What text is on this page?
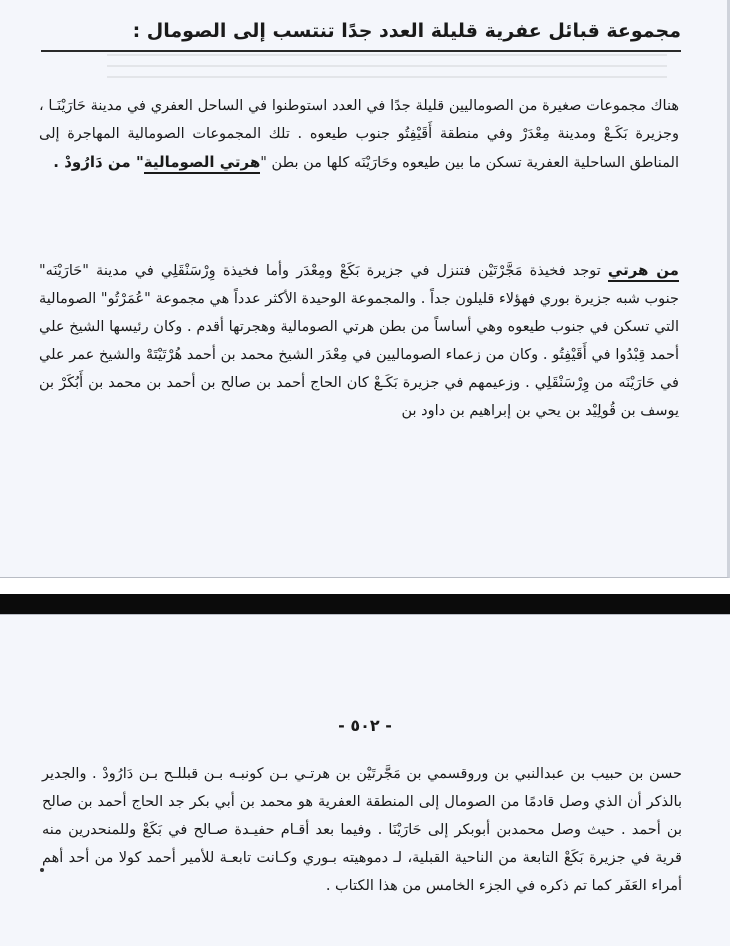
مجموعة قبائل عفرية قليلة العدد جدًا تنتسب إلى الصومال :

هناك مجموعات صغيرة من الصوماليين قليلة جدًا في العدد استوطنوا في الساحل العفري في مدينة حَارَيْنَـا ، وجزيرة بَكَـعْ ومدينة مِعْدَرْ وفي منطقة أَقَيْفِتُو جنوب طيعوه . تلك المجموعات الصومالية المهاجرة إلى المناطق الساحلية العفرية تسكن ما بين طيعوه وحَارَيْنَه كلها من بطن "هرتي الصومالية" من دَارُودْ .

من هرتي توجد فخيذة مَجَّرْتَيْن فتنزل في جزيرة بَكَعْ ومِعْدَر وأما فخيذة وِرْسَنْقَلِي في مدينة "حَارَيْنَه" جنوب شبه جزيرة بوري فهؤلاء قليلون جداً . والمجموعة الوحيدة الأكثر عدداً هي مجموعة "عُمَرْتُو" الصومالية التي تسكن في جنوب طيعوه وهي أساساً من بطن هرتي الصومالية وهجرتها أقدم . وكان رئيسها الشيخ علي أحمد قِبْدُوا في أَقَيْفِتُو . وكان من زعماء الصوماليين في مِعْدَر الشيخ محمد بن أحمد هُرْتَيْتَهْ والشيخ عمر علي في حَارَيْنَه من وِرْسَنْقَلِي . وزعيمهم في جزيرة بَكَـعْ كان الحاج أحمد بن صالح بن أحمد بن محمد بن أَبُكَرْ بن يوسف بن قُولِيْد بن يحي بن إبراهيم بن داود بن

- ٥٠٢ -

حسن بن حبيب بن عبدالنبي بن وروقسمي بن مَجَّرتَيْن بن هرتـي بـن كونبـه بـن قبللـح بـن دَارُودْ . والجدير بالذكر أن الذي وصل قادمًا من الصومال إلى المنطقة العفرية هو محمد بن أبي بكر جد الحاج أحمد بن صالح بن أحمد . حيث وصل محمدبن أبوبكر إلى حَارَيْنَا . وفيما بعد أقـام حفيـدة صـالح في بَكَعْ وللمنحدرين منه قرية في جزيرة بَكَعْ التابعة من الناحية القبلية، لـ دموهيته بـوري وكـانت تابعـة للأمير أحمد كولا من أحد أهم أمراء العَفَر كما تم ذكره في الجزء الخامس من هذا الكتاب .
